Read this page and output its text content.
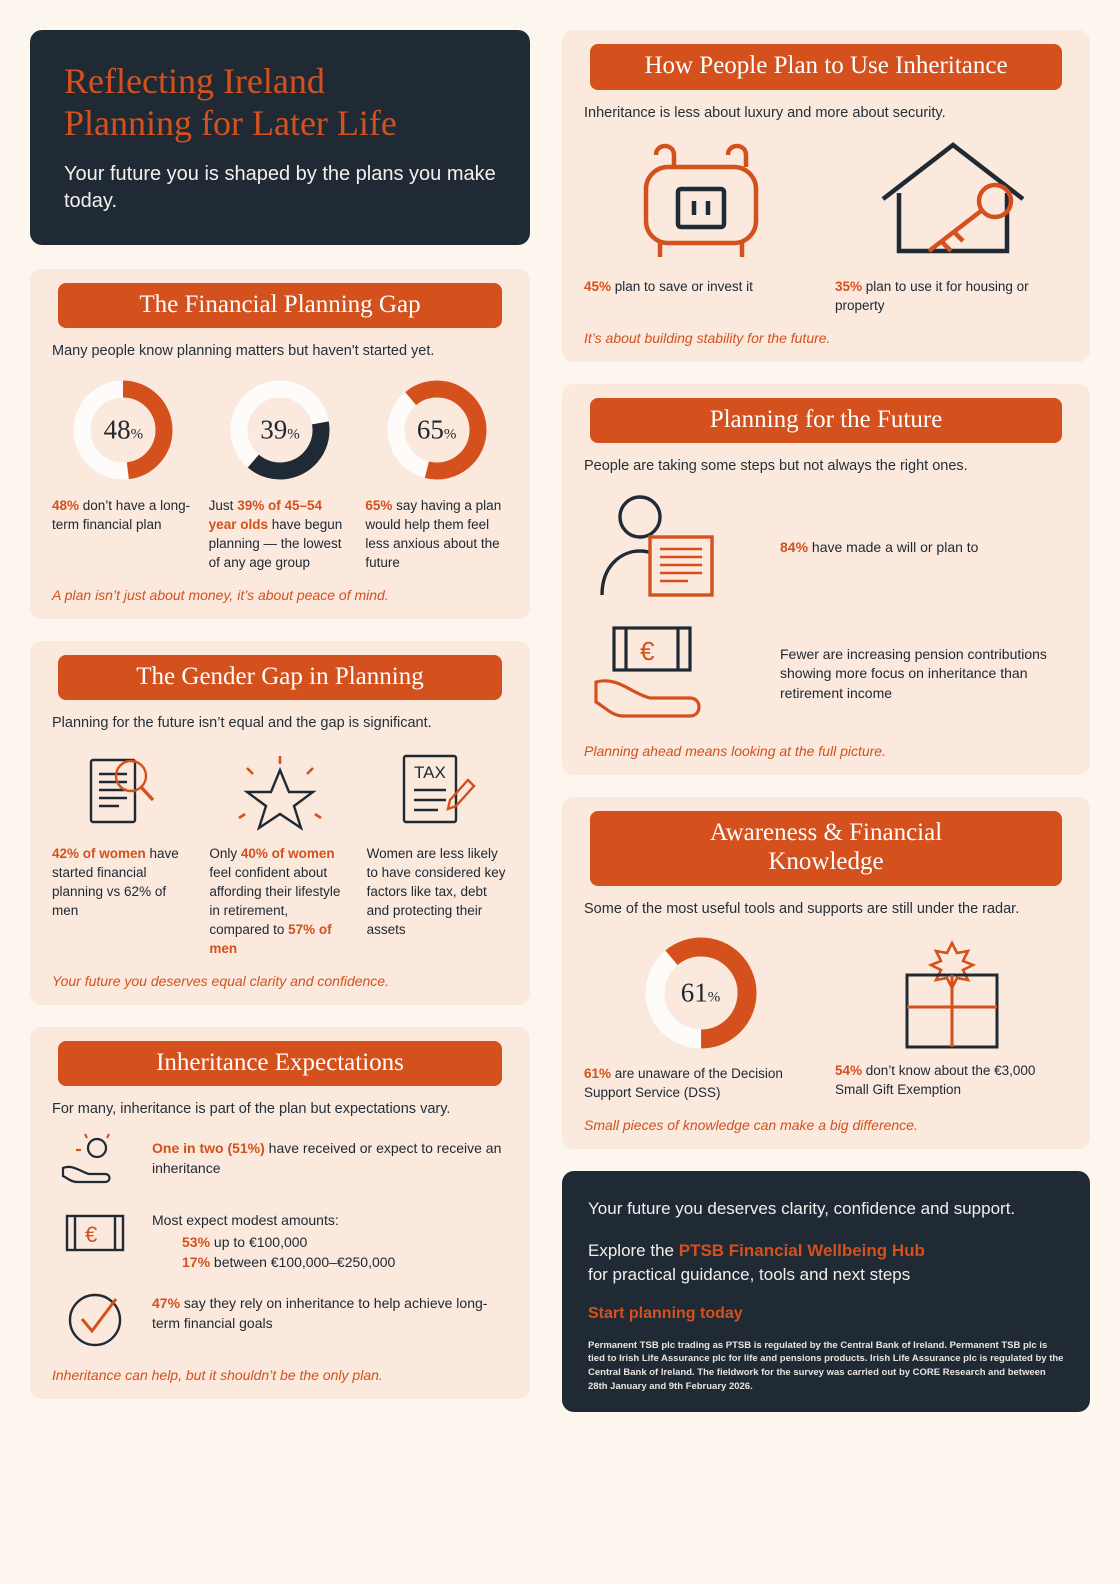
Reflecting Ireland
Planning for Later Life

Your future you is shaped by the plans you make today.

The Financial Planning Gap
Many people know planning matters but haven't started yet.
48%
48% don’t have a long-term financial plan
39%
Just 39% of 45–54 year olds have begun planning — the lowest of any age group
65%
65% say having a plan would help them feel less anxious about the future
A plan isn’t just about money, it’s about peace of mind.
The Gender Gap in Planning
Planning for the future isn’t equal and the gap is significant.
42% of women have started financial planning vs 62% of men
Only 40% of women feel confident about affording their lifestyle in retirement, compared to 57% of men
TAX
Women are less likely to have considered key factors like tax, debt and protecting their assets
Your future you deserves equal clarity and confidence.
Inheritance Expectations
For many, inheritance is part of the plan but expectations vary.
One in two (51%) have received or expect to receive an inheritance
€
Most expect modest amounts:
53% up to €100,000
17% between €100,000–€250,000
47% say they rely on inheritance to help achieve long-term financial goals
Inheritance can help, but it shouldn’t be the only plan.
How People Plan to Use Inheritance
Inheritance is less about luxury and more about security.
45% plan to save or invest it	35% plan to use it for housing or property
It’s about building stability for the future.
Planning for the Future
People are taking some steps but not always the right ones.
84% have made a will or plan to
€	Fewer are increasing pension contributions showing more focus on inheritance than retirement income
Planning ahead means looking at the full picture.
Awareness & Financial
Knowledge
Some of the most useful tools and supports are still under the radar.
61%
61% are unaware of the Decision Support Service (DSS)
54% don’t know about the €3,000 Small Gift Exemption
Small pieces of knowledge can make a big difference.

Your future you deserves clarity, confidence and support.

Explore the PTSB Financial Wellbeing Hub
for practical guidance, tools and next steps

Start planning today
Permanent TSB plc trading as PTSB is regulated by the Central Bank of Ireland. Permanent TSB plc is tied to Irish Life Assurance plc for life and pensions products. Irish Life Assurance plc is regulated by the Central Bank of Ireland. The fieldwork for the survey was carried out by CORE Research and between 28th January and 9th February 2026.
